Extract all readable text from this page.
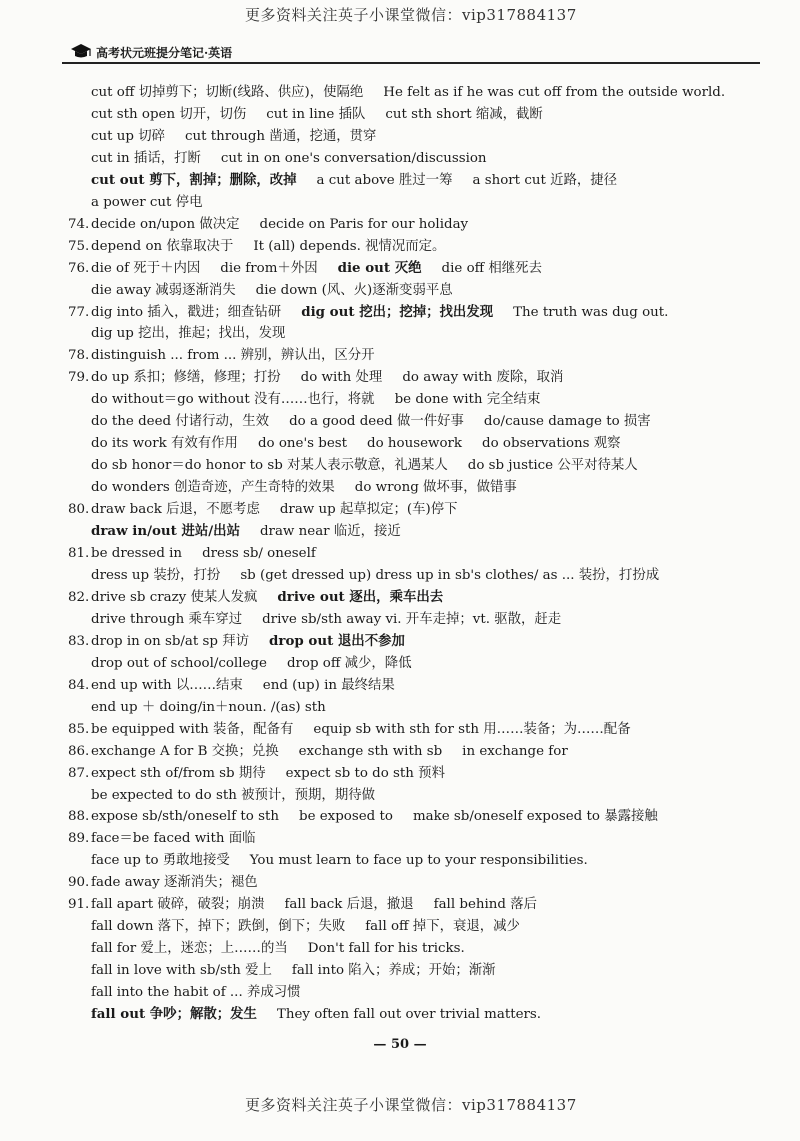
更多资料关注英子小课堂微信：vip317884137
高考状元班提分笔记·英语
cut off 切掉剪下；切断(线路、供应)，使隔绝 He felt as if he was cut off from the outside world.
cut sth open 切开，切伤 cut in line 插队 cut sth short 缩减，截断
cut up 切碎 cut through 凿通，挖通，贯穿
cut in 插话，打断 cut in on one's conversation/discussion
cut out 剪下，割掉；删除，改掉 a cut above 胜过一筹 a short cut 近路，捷径
a power cut 停电
74. decide on/upon 做决定 decide on Paris for our holiday
75. depend on 依靠取决于 It (all) depends. 视情况而定。
76. die of 死于＋内因 die from＋外因 die out 灭绝 die off 相继死去
die away 减弱逐渐消失 die down (风、火)逐渐变弱平息
77. dig into 插入，戳进；细查钻研 dig out 挖出；挖掉；找出发现 The truth was dug out.
dig up 挖出，推起；找出，发现
78. distinguish ... from ... 辨别，辨认出，区分开
79. do up 系扣；修缮，修理；打扮 do with 处理 do away with 废除，取消
do without＝go without 没有……也行，将就 be done with 完全结束
do the deed 付诸行动，生效 do a good deed 做一件好事 do/cause damage to 损害
do its work 有效有作用 do one's best do housework do observations 观察
do sb honor＝do honor to sb 对某人表示敬意，礼遇某人 do sb justice 公平对待某人
do wonders 创造奇迹，产生奇特的效果 do wrong 做坏事，做错事
80. draw back 后退，不愿考虑 draw up 起草拟定；(车)停下
draw in/out 进站/出站 draw near 临近，接近
81. be dressed in dress sb/ oneself
dress up 装扮，打扮 sb (get dressed up) dress up in sb's clothes/ as ... 装扮，打扮成
82. drive sb crazy 使某人发疯 drive out 逐出，乘车出去
drive through 乘车穿过 drive sb/sth away vi. 开车走掉；vt. 驱散，赶走
83. drop in on sb/at sp 拜访 drop out 退出不参加
drop out of school/college drop off 减少，降低
84. end up with 以……结束 end (up) in 最终结果
end up ＋ doing/in＋noun. /(as) sth
85. be equipped with 装备，配备有 equip sb with sth for sth 用……装备；为……配备
86. exchange A for B 交换；兑换 exchange sth with sb in exchange for
87. expect sth of/from sb 期待 expect sb to do sth 预料
be expected to do sth 被预计，预期，期待做
88. expose sb/sth/oneself to sth be exposed to make sb/oneself exposed to 暴露接触
89. face＝be faced with 面临
face up to 勇敢地接受 You must learn to face up to your responsibilities.
90. fade away 逐渐消失；褪色
91. fall apart 破碎，破裂；崩溃 fall back 后退，撤退 fall behind 落后
fall down 落下，掉下；跌倒，倒下；失败 fall off 掉下，衰退，减少
fall for 爱上，迷恋；上……的当 Don't fall for his tricks.
fall in love with sb/sth 爱上 fall into 陷入；养成；开始；渐渐
fall into the habit of ... 养成习惯
fall out 争吵；解散；发生 They often fall out over trivial matters.
— 50 —
更多资料关注英子小课堂微信：vip317884137
